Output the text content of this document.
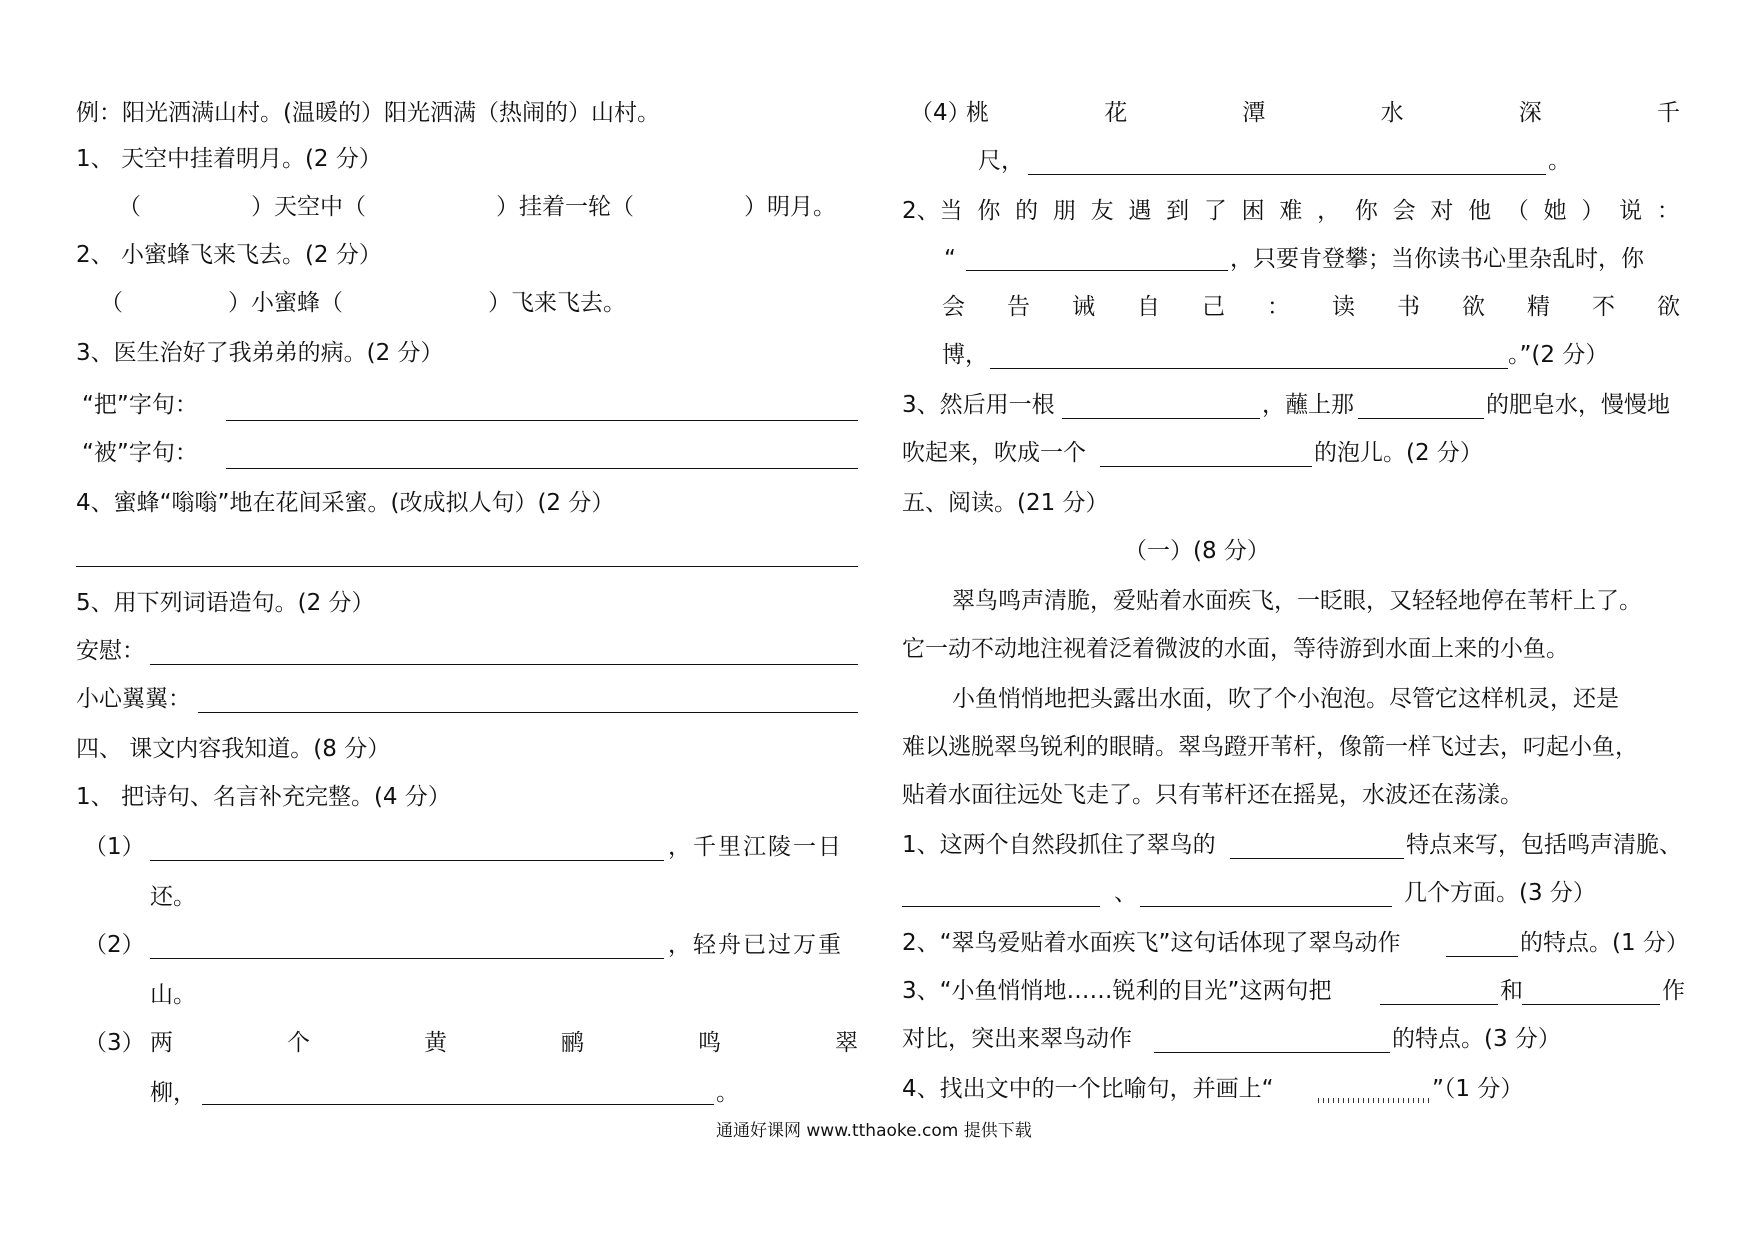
例：阳光洒满山村。(温暖的）阳光洒满（热闹的）山村。
1、 天空中挂着明月。(2 分）
（	）天空中（	）挂着一轮（	）明月。
2、 小蜜蜂飞来飞去。(2 分）
（	）小蜜蜂（	）飞来飞去。
3、医生治好了我弟弟的病。(2 分）
“把”字句：
“被”字句：
4、蜜蜂“嗡嗡”地在花间采蜜。(改成拟人句）(2 分）
5、用下列词语造句。(2 分）
安慰：
小心翼翼：
四、 课文内容我知道。(8 分）
1、 把诗句、名言补充完整。(4 分）
（1）	，千里江陵一日
还。
（2）	，轻舟已过万重
山。
（3） 两	个	黄	鹂	鸣	翠
柳，	。
（4）
桃	花	潭	水	深	千
尺，	。
2、当 你 的 朋 友 遇 到 了 困 难 ， 你 会 对 他 （ 她 ） 说 ：
“	，只要肯登攀；当你读书心里杂乱时，你
会 告 诫 自 己 ： 读 书 欲 精 不 欲
博，	。”(2 分）
3、然后用一根	，蘸上那	的肥皂水，慢慢地
吹起来，吹成一个	的泡儿。(2 分）
五、阅读。(21 分）
（一）(8 分）
翠鸟鸣声清脆，爱贴着水面疾飞，一眨眼，又轻轻地停在苇杆上了。
它一动不动地注视着泛着微波的水面，等待游到水面上来的小鱼。
小鱼悄悄地把头露出水面，吹了个小泡泡。尽管它这样机灵，还是
难以逃脱翠鸟锐利的眼睛。翠鸟蹬开苇杆，像箭一样飞过去，叼起小鱼，
贴着水面往远处飞走了。只有苇杆还在摇晃，水波还在荡漾。
1、这两个自然段抓住了翠鸟的	特点来写，包括鸣声清脆、
、	几个方面。(3 分）
2、“翠鸟爱贴着水面疾飞”这句话体现了翠鸟动作	的特点。(1 分）
3、“小鱼悄悄地……锐利的目光”这两句把	和	作
对比，突出来翠鸟动作	的特点。(3 分）
4、找出文中的一个比喻句，并画上“	”（1 分）
通通好课网 www.tthaoke.com 提供下载
